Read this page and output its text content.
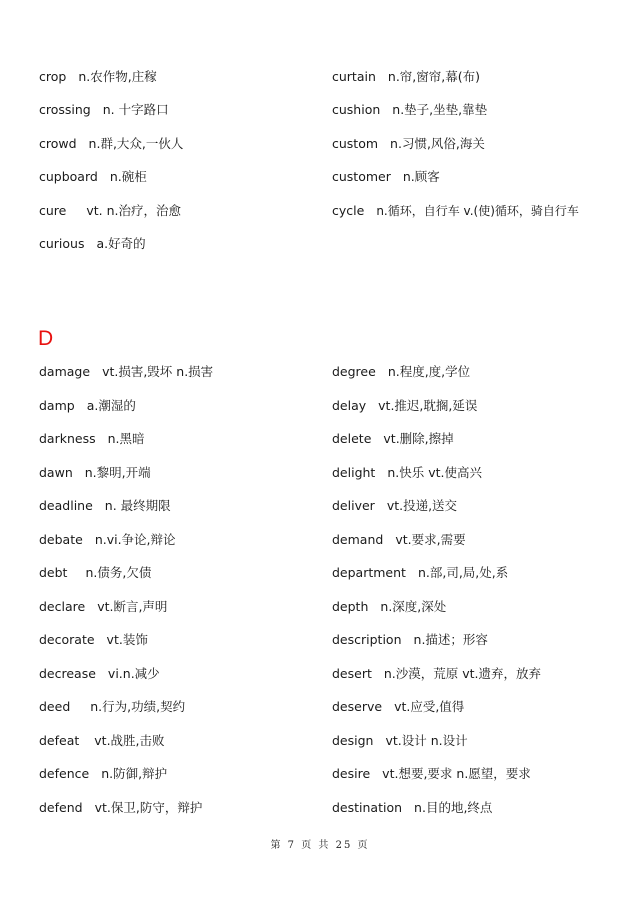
crop n.农作物,庄稼
crossing n. 十字路口
crowd n.群,大众,一伙人
cupboard n.碗柜
cure vt. n.治疗，治愈
curious a.好奇的
damage vt.损害,毁坏 n.损害
damp a.潮湿的
darkness n.黑暗
dawn n.黎明,开端
deadline n. 最终期限
debate n.vi.争论,辩论
debt n.债务,欠债
declare vt.断言,声明
decorate vt.装饰
decrease vi.n.减少
deed n.行为,功绩,契约
defeat vt.战胜,击败
defence n.防御,辩护
defend vt.保卫,防守，辩护
curtain n.帘,窗帘,幕(布)
cushion n.垫子,坐垫,靠垫
custom n.习惯,风俗,海关
customer n.顾客
cycle n.循环，自行车 v.(使)循环，骑自行车
degree n.程度,度,学位
delay vt.推迟,耽搁,延误
delete vt.删除,擦掉
delight n.快乐 vt.使高兴
deliver vt.投递,送交
demand vt.要求,需要
department n.部,司,局,处,系
depth n.深度,深处
description n.描述；形容
desert n.沙漠，荒原 vt.遗弃，放弃
deserve vt.应受,值得
design vt.设计 n.设计
desire vt.想要,要求 n.愿望，要求
destination n.目的地,终点
D
第 7 页 共 25 页
